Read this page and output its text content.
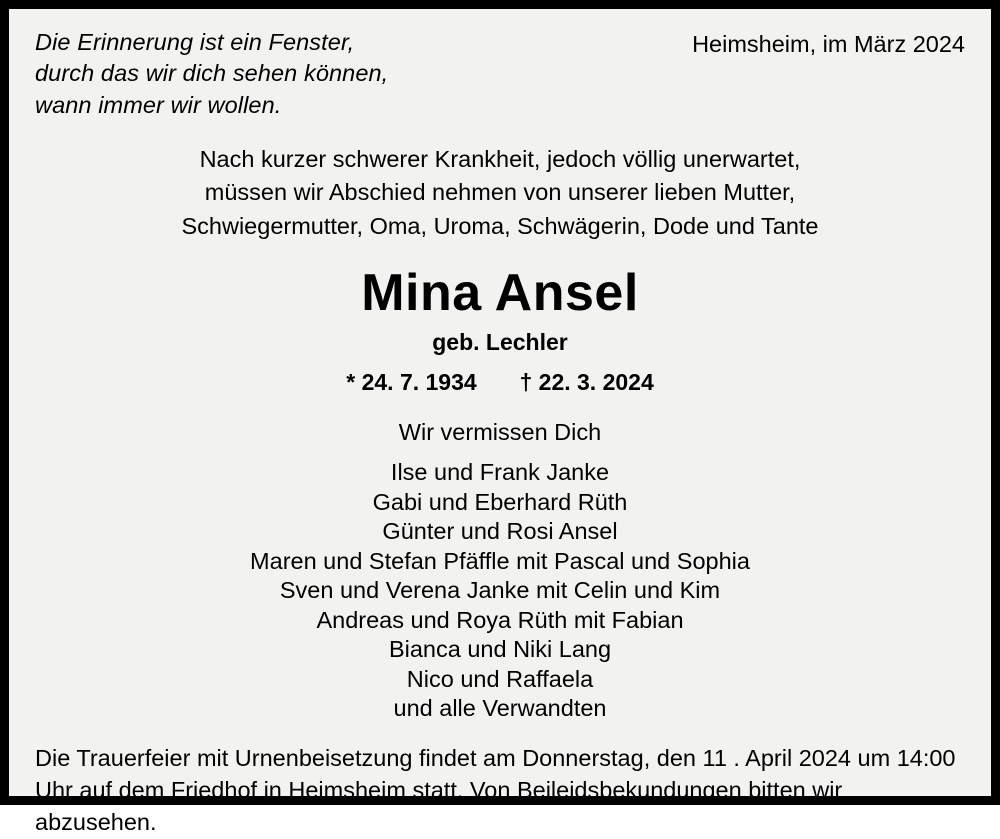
Die Erinnerung ist ein Fenster,
durch das wir dich sehen können,
wann immer wir wollen.
Heimsheim, im März 2024
Nach kurzer schwerer Krankheit, jedoch völlig unerwartet,
müssen wir Abschied nehmen von unserer lieben Mutter,
Schwiegermutter, Oma, Uroma, Schwägerin, Dode und Tante
Mina Ansel
geb. Lechler
* 24. 7. 1934 † 22. 3. 2024
Wir vermissen Dich
Ilse und Frank Janke
Gabi und Eberhard Rüth
Günter und Rosi Ansel
Maren und Stefan Pfäffle mit Pascal und Sophia
Sven und Verena Janke mit Celin und Kim
Andreas und Roya Rüth mit Fabian
Bianca und Niki Lang
Nico und Raffaela
und alle Verwandten
Die Trauerfeier mit Urnenbeisetzung findet am Donnerstag, den 11 . April 2024 um 14:00 Uhr auf dem Friedhof in Heimsheim statt. Von Beileidsbekundungen bitten wir abzusehen.
